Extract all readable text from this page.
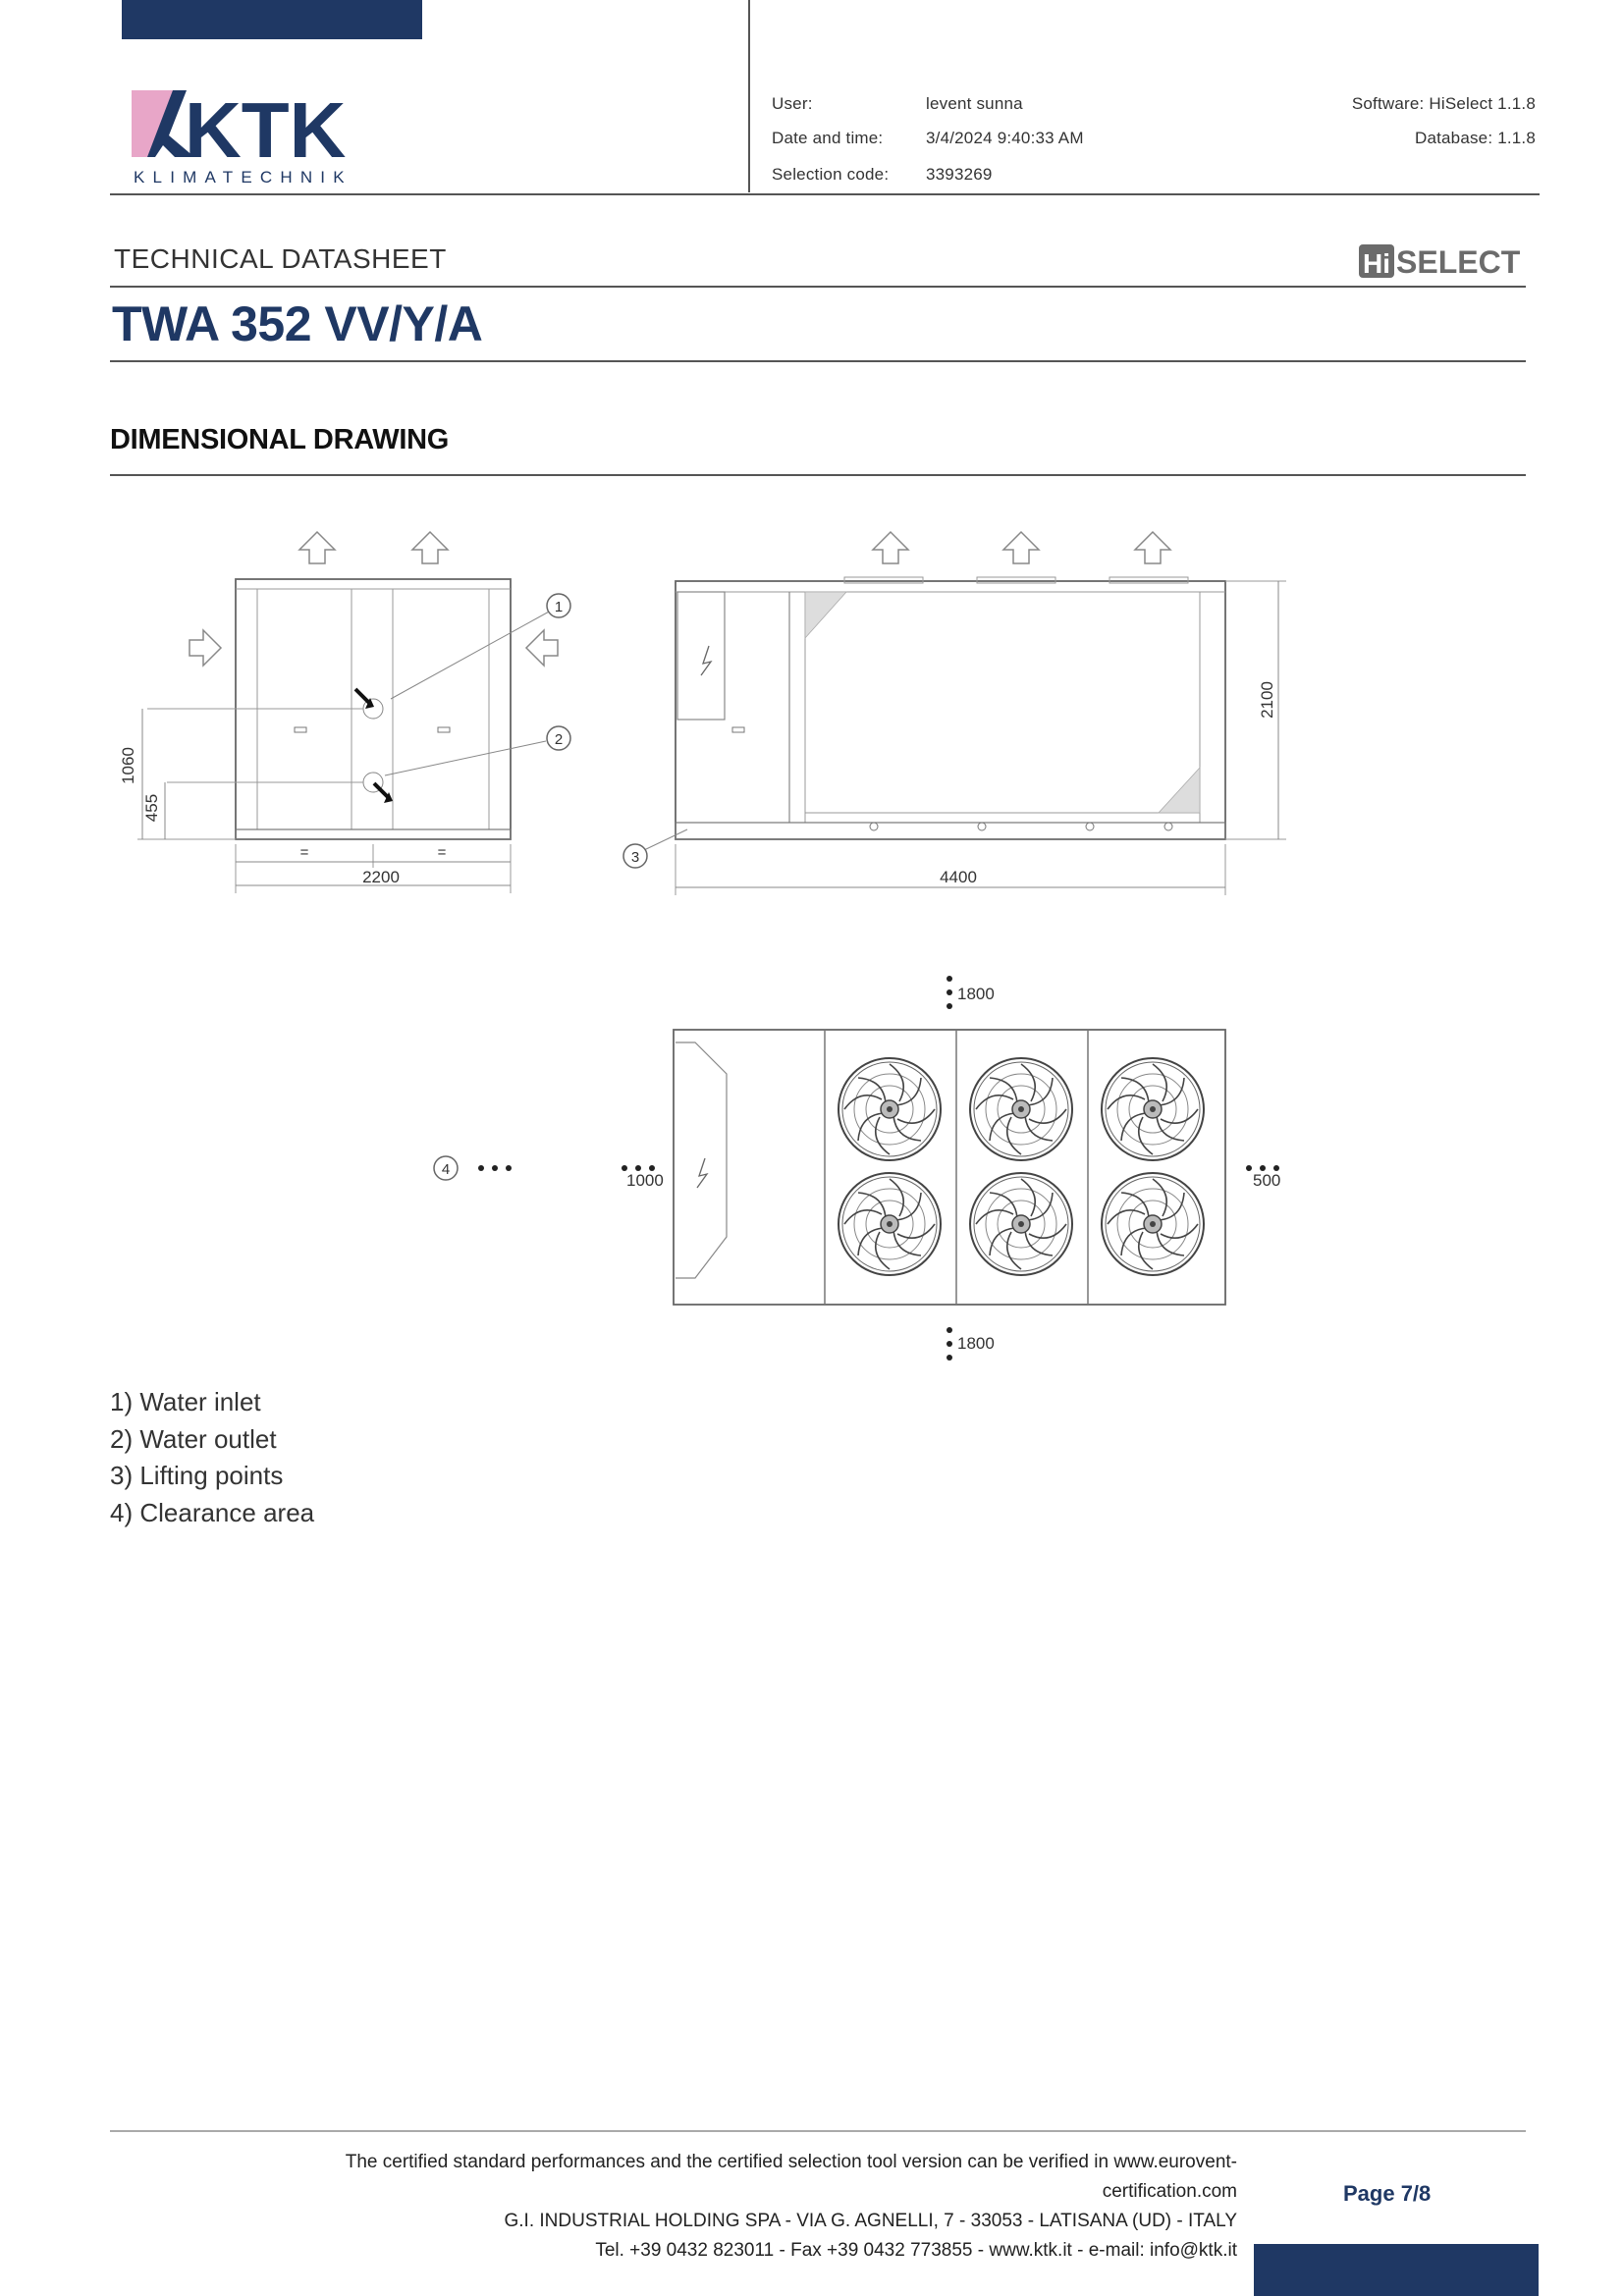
KTK
KLIMATECHNIK
User:	levent sunna
Date and time:	3/4/2024 9:40:33 AM
Selection code: 3393269
Software: HiSelect 1.1.8
Database: 1.1.8
TECHNICAL DATASHEET	Hi SELECT
TWA 352 VV/Y/A
DIMENSIONAL DRAWING
1
2
1060
455
=	=
2200
2100
4400
3
1800
1800
1000	500
4
1) Water inlet
2) Water outlet
3) Lifting points
4) Clearance area
The certified standard performances and the certified selection tool version can be verified in www.eurovent-certification.com
G.I. INDUSTRIAL HOLDING SPA - VIA G. AGNELLI, 7 - 33053 - LATISANA (UD) - ITALY
Tel. +39 0432 823011 - Fax +39 0432 773855 - www.ktk.it - e-mail: info@ktk.it
Page 7/8
